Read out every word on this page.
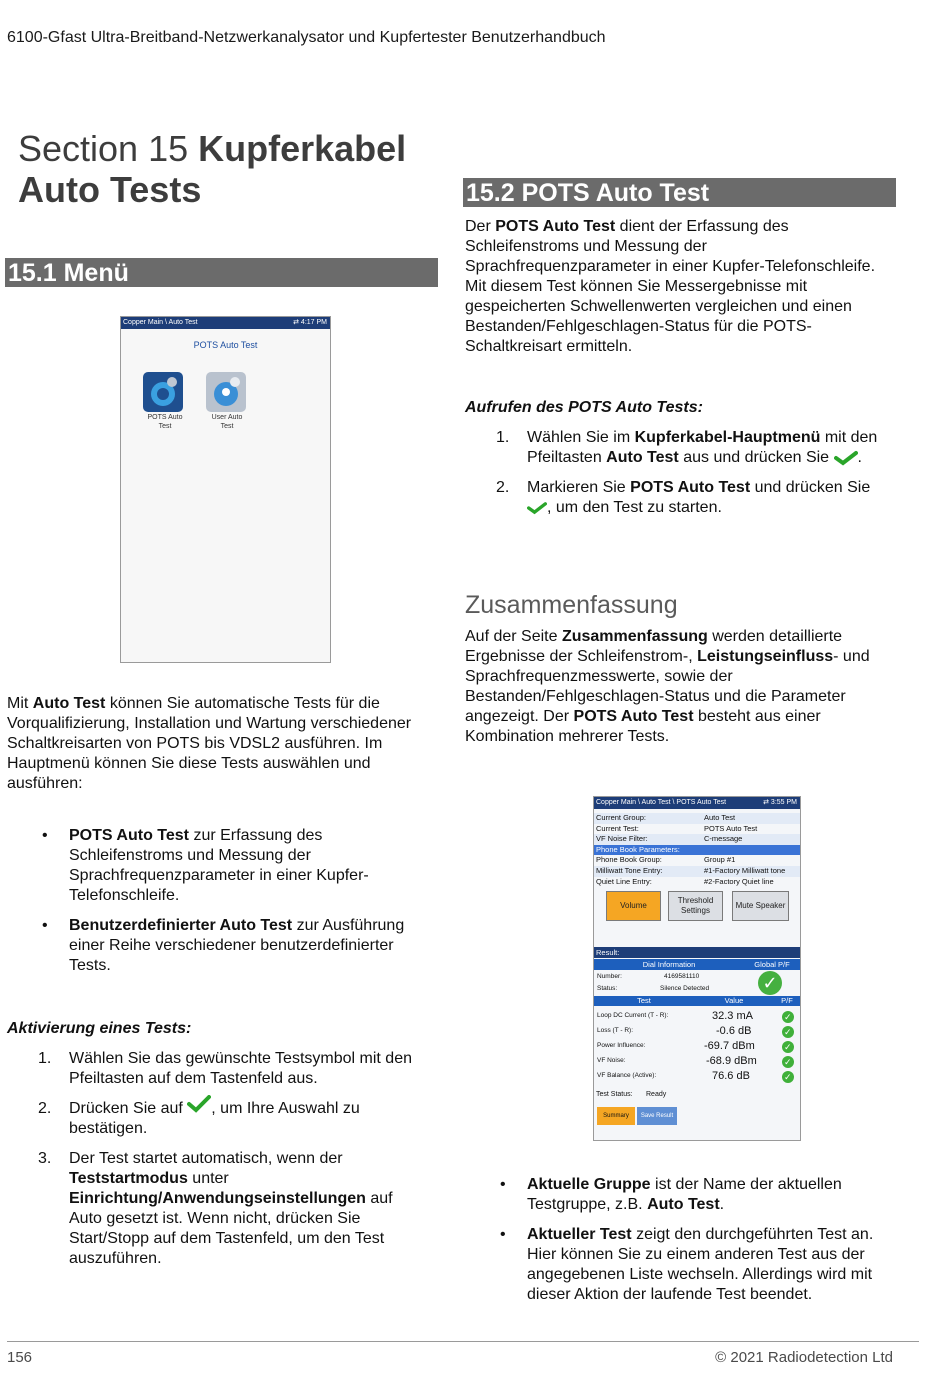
6100-Gfast Ultra-Breitband-Netzwerkanalysator und Kupfertester Benutzerhandbuch
Section 15 Kupferkabel
Auto Tests
15.1 Menü
Copper Main \ Auto Test	⇄ 4:17 PM
POTS Auto Test
POTS Auto
Test
User Auto
Test
Mit Auto Test können Sie automatische Tests für die Vorqualifizierung, Installation und Wartung verschiedener Schaltkreisarten von POTS bis VDSL2 ausführen. Im Hauptmenü können Sie diese Tests auswählen und ausführen:
• POTS Auto Test zur Erfassung des Schleifenstroms und Messung der Sprachfrequenzparameter in einer Kupfer-Telefonschleife.
• Benutzerdefinierter Auto Test zur Ausführung einer Reihe verschiedener benutzerdefinierter Tests.
Aktivierung eines Tests:
1. Wählen Sie das gewünschte Testsymbol mit den Pfeiltasten auf dem Tastenfeld aus.
2. Drücken Sie auf , um Ihre Auswahl zu bestätigen.
3. Der Test startet automatisch, wenn der Teststartmodus unter Einrichtung/Anwendungseinstellungen auf Auto gesetzt ist. Wenn nicht, drücken Sie Start/Stopp auf dem Tastenfeld, um den Test auszuführen.
15.2 POTS Auto Test
Der POTS Auto Test dient der Erfassung des Schleifenstroms und Messung der Sprachfrequenzparameter in einer Kupfer-Telefonschleife. Mit diesem Test können Sie Messergebnisse mit gespeicherten Schwellenwerten vergleichen und einen Bestanden/Fehlgeschlagen-Status für die POTS-Schaltkreisart ermitteln.
Aufrufen des POTS Auto Tests:
1. Wählen Sie im Kupferkabel-Hauptmenü mit den Pfeiltasten Auto Test aus und drücken Sie .
2. Markieren Sie POTS Auto Test und drücken Sie , um den Test zu starten.
Zusammenfassung
Auf der Seite Zusammenfassung werden detaillierte Ergebnisse der Schleifenstrom-, Leistungseinfluss- und Sprachfrequenzmesswerte, sowie der Bestanden/Fehlgeschlagen-Status und die Parameter angezeigt. Der POTS Auto Test besteht aus einer Kombination mehrerer Tests.
Copper Main \ Auto Test \ POTS Auto Test	⇄ 3:55 PM
Current Group:	Auto Test
Current Test:	POTS Auto Test
VF Noise Filter:	C-message
Phone Book Parameters:
Phone Book Group:	Group #1
Milliwatt Tone Entry:	#1-Factory Milliwatt tone
Quiet Line Entry:	#2-Factory Quiet line
Volume
Threshold
Settings
Mute Speaker
Result:
Dial Information	Global P/F
Number:	4169581110
Status:	Silence Detected	✓
Test	Value	P/F
Loop DC Current (T - R):	32.3 mA
✓
Loss (T - R):	-0.6 dB
✓
Power Influence:	-69.7 dBm
✓
VF Noise:	-68.9 dBm
✓
VF Balance (Active):	76.6 dB
✓
Test Status:	Ready
Summary	Save Result
• Aktuelle Gruppe ist der Name der aktuellen Testgruppe, z.B. Auto Test.
• Aktueller Test zeigt den durchgeführten Test an. Hier können Sie zu einem anderen Test aus der angegebenen Liste wechseln. Allerdings wird mit dieser Aktion der laufende Test beendet.
156	© 2021 Radiodetection Ltd
